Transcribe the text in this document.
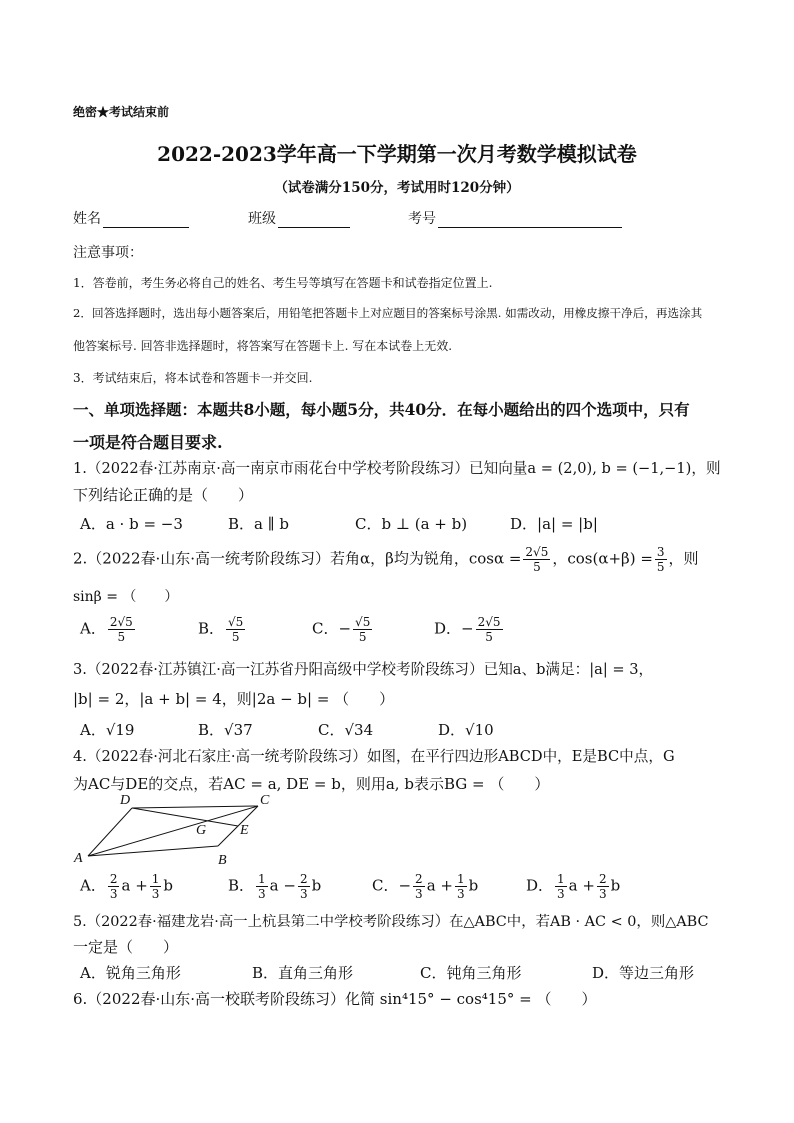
绝密★考试结束前
2022-2023学年高一下学期第一次月考数学模拟试卷
（试卷满分150分，考试用时120分钟）
姓名	班级	考号
注意事项：
1．答卷前，考生务必将自己的姓名、考生号等填写在答题卡和试卷指定位置上.
2．回答选择题时，选出每小题答案后，用铅笔把答题卡上对应题目的答案标号涂黑. 如需改动，用橡皮擦干净后，再选涂其
他答案标号. 回答非选择题时，将答案写在答题卡上. 写在本试卷上无效.
3．考试结束后，将本试卷和答题卡一并交回.
一、单项选择题：本题共8小题，每小题5分，共40分．在每小题给出的四个选项中，只有
一项是符合题目要求.
1.（2022春·江苏南京·高一南京市雨花台中学校考阶段练习）已知向量a = (2,0), b = (−1,−1)，则
下列结论正确的是（　　）
A．a · b = −3	B．a ∥ b	C．b ⊥ (a + b)	D．|a| = |b|
2.（2022春·山东·高一统考阶段练习）若角α，β均为锐角，$\cos\alpha = \frac{2√5}{5}$ ，$\cos(\alpha+\beta) = \frac{3}{5}$ ，则
sinβ = （　　）
A． $\frac{2√5}{5}$	B． $\frac{√5}{5}$	C．− $\frac{√5}{5}$	D．− $\frac{2√5}{5}$
3.（2022春·江苏镇江·高一江苏省丹阳高级中学校考阶段练习）已知a、b满足：|a| = 3，
|b| = 2，|a + b| = 4，则|2a − b| = （　　）
A．√19	B．√37	C．√34	D．√10
4.（2022春·河北石家庄·高一统考阶段练习）如图，在平行四边形ABCD中，E是BC中点，G
为AC与DE的交点，若AC = a, DE = b，则用a, b表示BG = （　　）
D	C
G E
A	B
A． $\frac{2}{3}$ $a + \frac{1}{3}$ b	B． $\frac{1}{3}$ $a - \frac{2}{3}$ b	C．− $\frac{2}{3}$ $a + \frac{1}{3}$ b	D． $\frac{1}{3}$ $a + \frac{2}{3}$ b
5.（2022春·福建龙岩·高一上杭县第二中学校考阶段练习）在△ABC中，若AB · AC < 0，则△ABC
一定是（　　）
A．锐角三角形	B．直角三角形	C．钝角三角形	D．等边三角形
6.（2022春·山东·高一校联考阶段练习）化简 sin⁴15° − cos⁴15° = （　　）
